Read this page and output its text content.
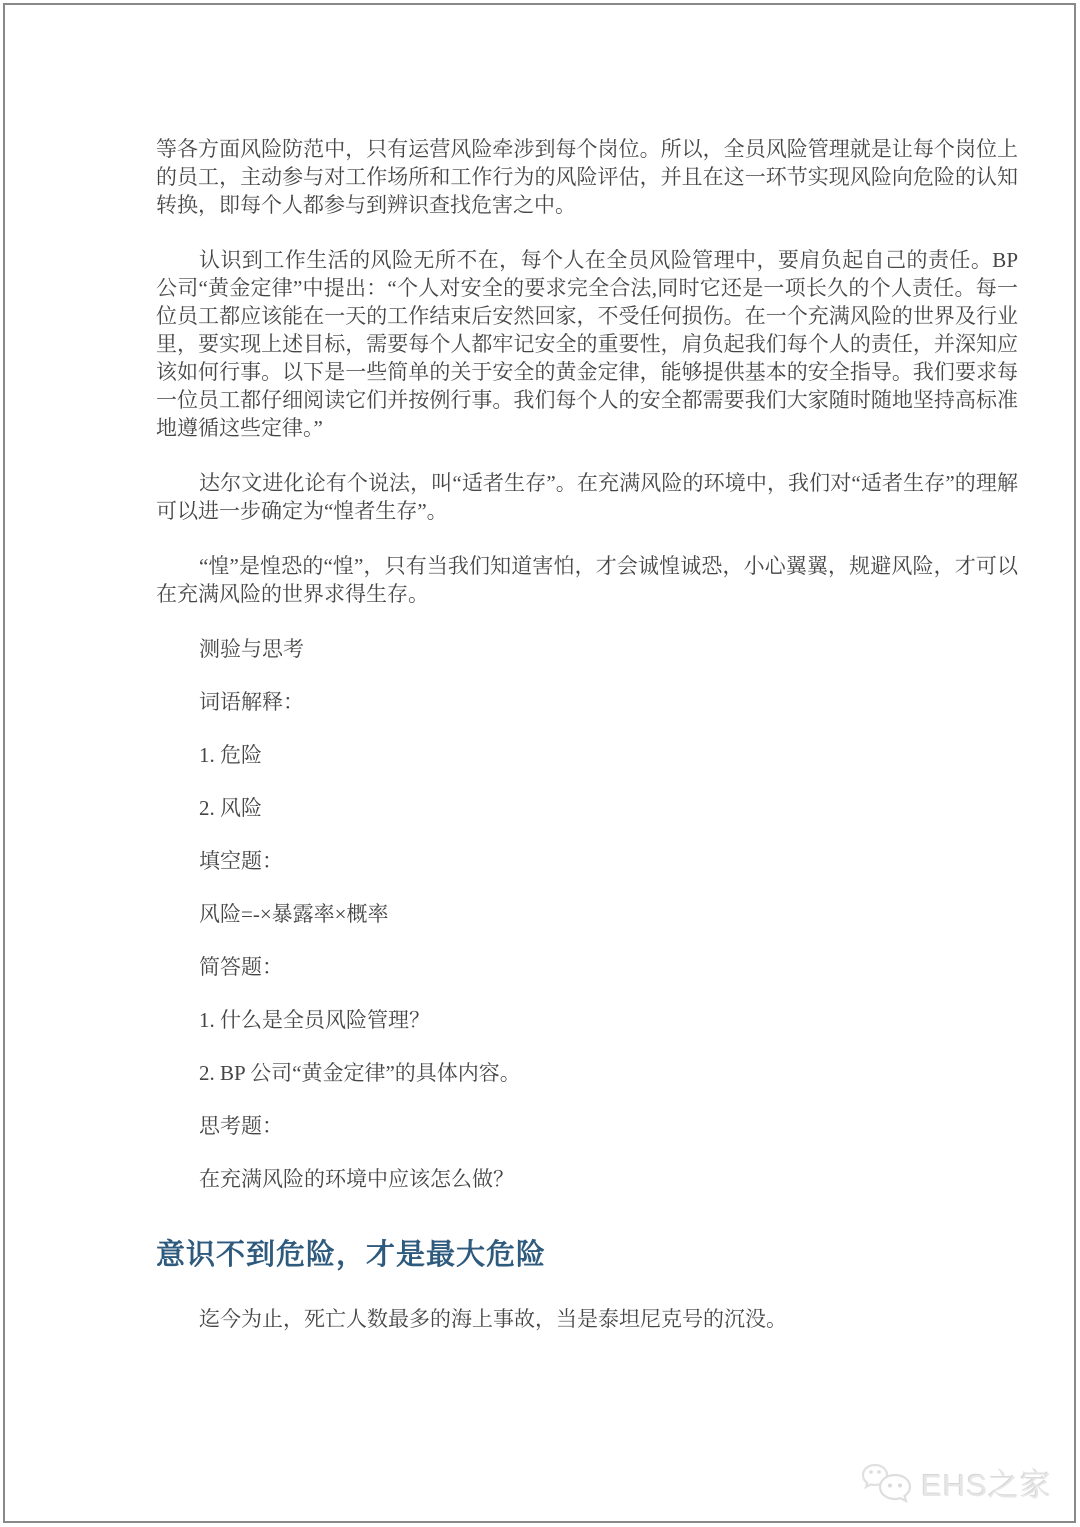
等各方面风险防范中，只有运营风险牵涉到每个岗位。所以，全员风险管理就是让每个岗位上的员工，主动参与对工作场所和工作行为的风险评估，并且在这一环节实现风险向危险的认知转换，即每个人都参与到辨识查找危害之中。

认识到工作生活的风险无所不在，每个人在全员风险管理中，要肩负起自己的责任。BP公司“黄金定律”中提出：“个人对安全的要求完全合法,同时它还是一项长久的个人责任。每一位员工都应该能在一天的工作结束后安然回家，不受任何损伤。在一个充满风险的世界及行业里，要实现上述目标，需要每个人都牢记安全的重要性，肩负起我们每个人的责任，并深知应该如何行事。以下是一些简单的关于安全的黄金定律，能够提供基本的安全指导。我们要求每一位员工都仔细阅读它们并按例行事。我们每个人的安全都需要我们大家随时随地坚持高标准地遵循这些定律。”

达尔文进化论有个说法，叫“适者生存”。在充满风险的环境中，我们对“适者生存”的理解可以进一步确定为“惶者生存”。

“惶”是惶恐的“惶”，只有当我们知道害怕，才会诚惶诚恐，小心翼翼，规避风险，才可以在充满风险的世界求得生存。

测验与思考

词语解释：

1. 危险

2. 风险

填空题：

风险=-×暴露率×概率

简答题：

1. 什么是全员风险管理？

2. BP 公司“黄金定律”的具体内容。

思考题：

在充满风险的环境中应该怎么做？

意识不到危险，才是最大危险

迄今为止，死亡人数最多的海上事故，当是泰坦尼克号的沉没。

EHS之家
